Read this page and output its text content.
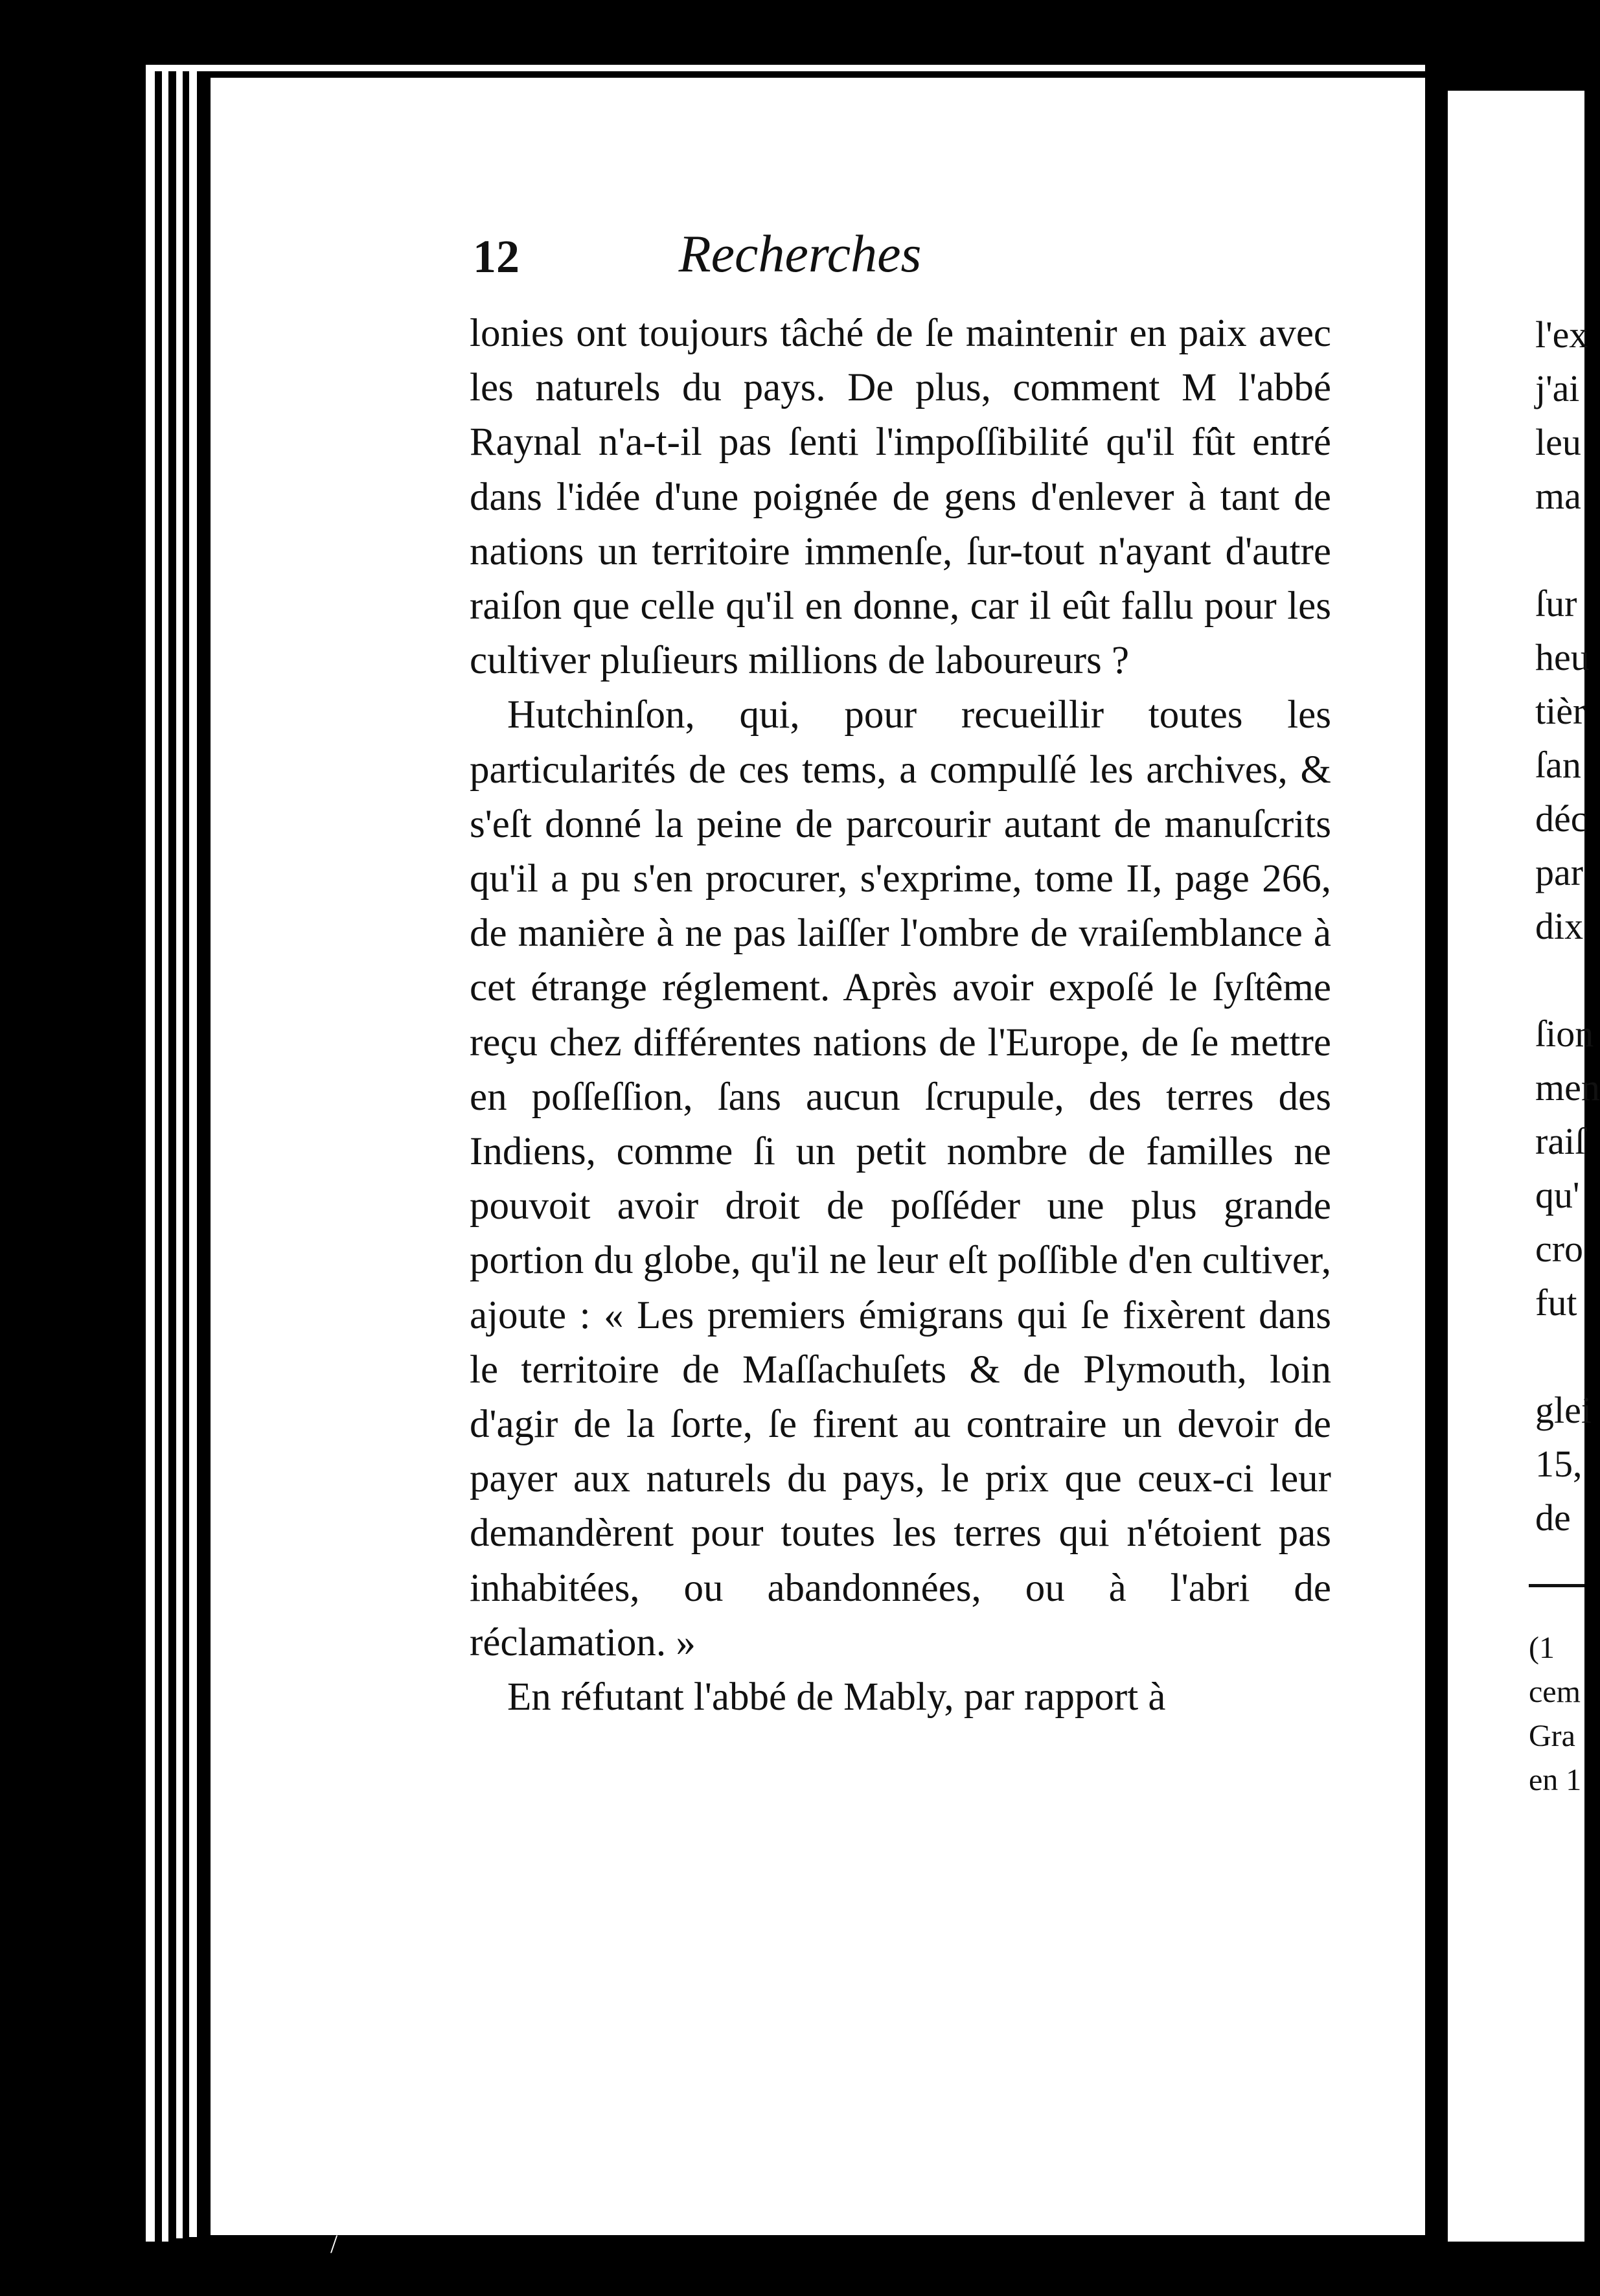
,
/
12	Recherches

lonies ont toujours tâché de ſe maintenir en paix avec les naturels du pays. De plus, comment M l'abbé Raynal n'a-t-il pas ſenti l'impoſſibilité qu'il fût entré dans l'idée d'une poignée de gens d'enlever à tant de nations un territoire immenſe, ſur-tout n'ayant d'autre raiſon que celle qu'il en donne, car il eût fallu pour les cultiver pluſieurs millions de laboureurs ?

Hutchinſon, qui, pour recueillir toutes les particularités de ces tems, a compulſé les archives, & s'eſt donné la peine de parcourir autant de manuſcrits qu'il a pu s'en procurer, s'exprime, tome II, page 266, de manière à ne pas laiſſer l'ombre de vraiſemblance à cet étrange réglement. Après avoir expoſé le ſyſtême reçu chez différentes nations de l'Europe, de ſe mettre en poſſeſſion, ſans aucun ſcrupule, des terres des Indiens, comme ſi un petit nombre de familles ne pouvoit avoir droit de poſſéder une plus grande portion du globe, qu'il ne leur eſt poſſible d'en cultiver, ajoute : « Les premiers émigrans qui ſe fixèrent dans le territoire de Maſſachuſets & de Plymouth, loin d'agir de la ſorte, ſe firent au contraire un devoir de payer aux naturels du pays, le prix que ceux-ci leur demandèrent pour toutes les terres qui n'étoient pas inhabitées, ou abandonnées, ou à l'abri de réclamation. »

En réfutant l'abbé de Mably, par rapport à

l'ex
j'ai
leu
ma
ſur
heu
tièr
ſan
déc
par
dix
ſion
men
raiſ
qu'
cro
fut
glei
15,
de
(1
cem
Gra
en 1
